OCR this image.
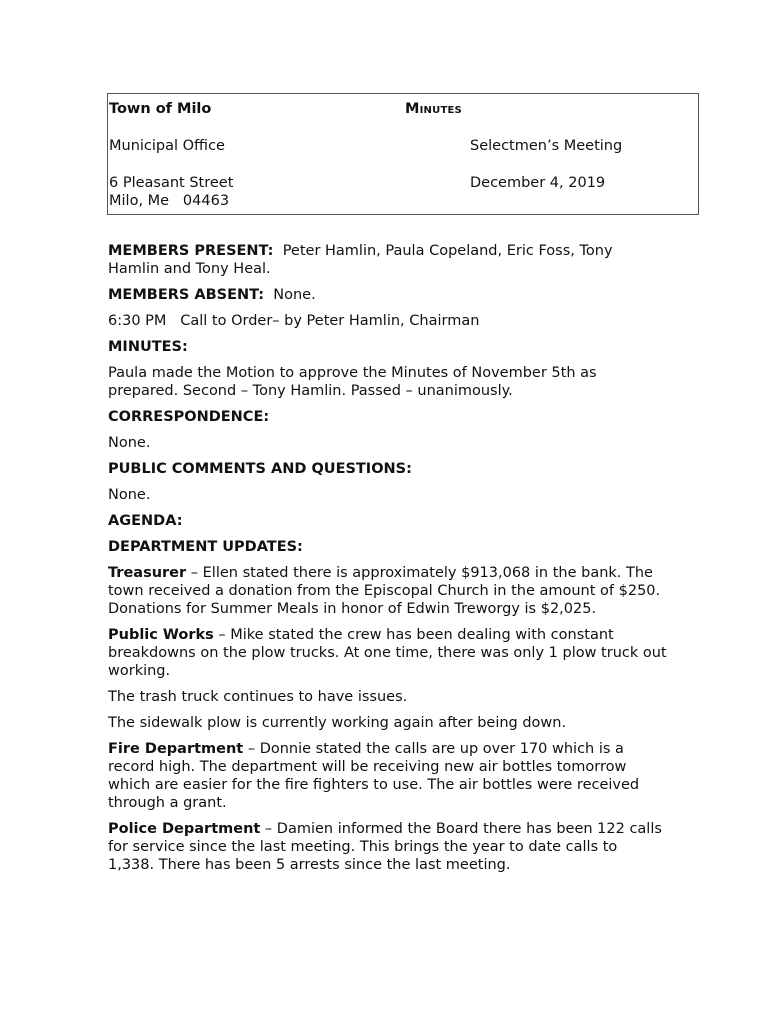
Town of Milo
Municipal Office
6 Pleasant Street
Milo, Me   04463
Minutes
Selectmen’s Meeting
December 4, 2019

MEMBERS PRESENT: Peter Hamlin, Paula Copeland, Eric Foss, Tony Hamlin and Tony Heal.

MEMBERS ABSENT: None.

6:30 PM   Call to Order– by Peter Hamlin, Chairman

MINUTES:

Paula made the Motion to approve the Minutes of November 5th as prepared. Second – Tony Hamlin. Passed – unanimously.

CORRESPONDENCE:

None.

PUBLIC COMMENTS AND QUESTIONS:

None.

AGENDA:

DEPARTMENT UPDATES:

Treasurer – Ellen stated there is approximately $913,068 in the bank. The town received a donation from the Episcopal Church in the amount of $250. Donations for Summer Meals in honor of Edwin Treworgy is $2,025.

Public Works – Mike stated the crew has been dealing with constant breakdowns on the plow trucks. At one time, there was only 1 plow truck out working.

The trash truck continues to have issues.

The sidewalk plow is currently working again after being down.

Fire Department – Donnie stated the calls are up over 170 which is a record high. The department will be receiving new air bottles tomorrow which are easier for the fire fighters to use. The air bottles were received through a grant.

Police Department – Damien informed the Board there has been 122 calls for service since the last meeting. This brings the year to date calls to 1,338. There has been 5 arrests since the last meeting.
